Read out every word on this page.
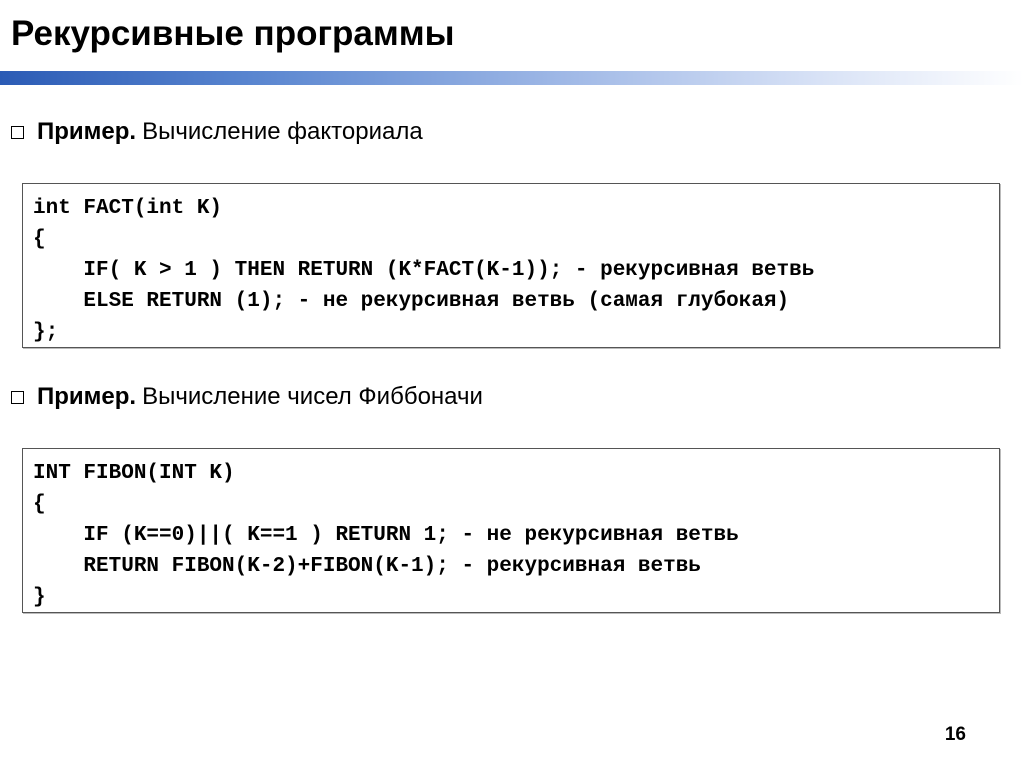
Рекурсивные программы
Пример. Вычисление факториала
int FACT(int K)
{
IF( K > 1 ) THEN RETURN (K*FACT(K-1)); - рекурсивная ветвь
ELSE RETURN (1); - не рекурсивная ветвь (самая глубокая)
};
Пример. Вычисление чисел Фиббоначи
INT FIBON(INT K)
{
IF (K==0)||( K==1 ) RETURN 1; - не рекурсивная ветвь
RETURN FIBON(K-2)+FIBON(K-1); - рекурсивная ветвь
}
16
